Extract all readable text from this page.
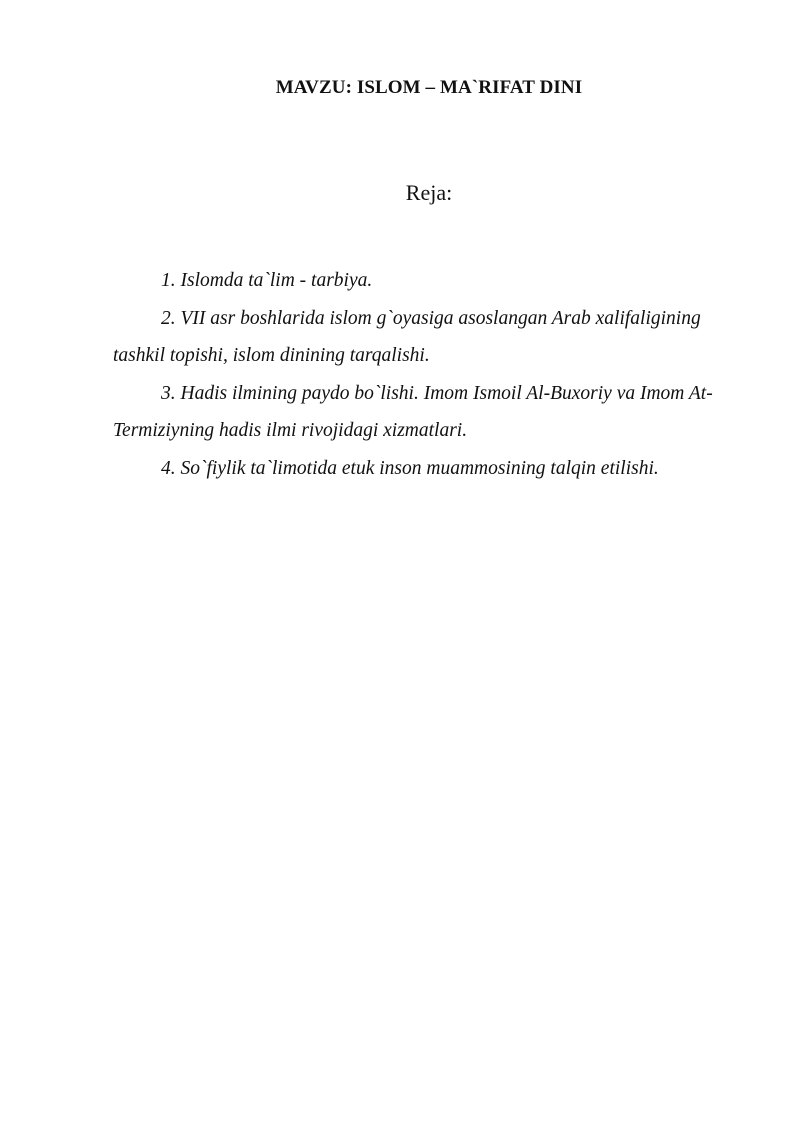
MAVZU: ISLOM – MA`RIFAT DINI
Reja:

1. Islomda ta`lim - tarbiya.

2. VII asr boshlarida islom g`oyasiga asoslangan Arab xalifaligining tashkil topishi, islom dinining tarqalishi.

3. Hadis ilmining paydo bo`lishi. Imom Ismoil Al-Buxoriy va Imom At-Termiziyning hadis ilmi rivojidagi xizmatlari.

4. So`fiylik ta`limotida etuk inson muammosining talqin etilishi.
